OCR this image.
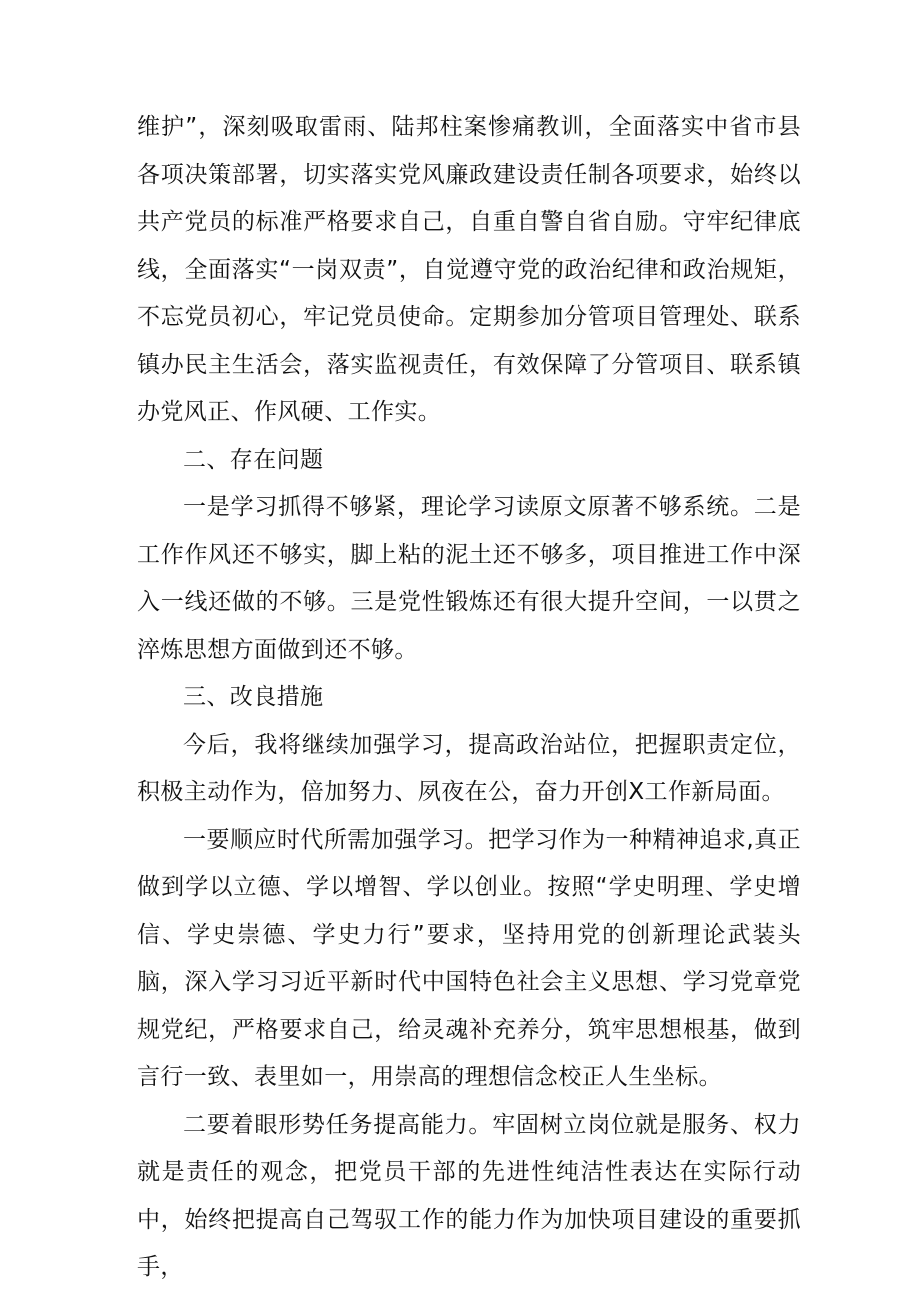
维护”，深刻吸取雷雨、陆邦柱案惨痛教训，全面落实中省市县各项决策部署，切实落实党风廉政建设责任制各项要求，始终以共产党员的标准严格要求自己，自重自警自省自励。守牢纪律底线，全面落实“一岗双责”，自觉遵守党的政治纪律和政治规矩，不忘党员初心，牢记党员使命。定期参加分管项目管理处、联系镇办民主生活会，落实监视责任，有效保障了分管项目、联系镇办党风正、作风硬、工作实。

二、存在问题

一是学习抓得不够紧，理论学习读原文原著不够系统。二是工作作风还不够实，脚上粘的泥土还不够多，项目推进工作中深入一线还做的不够。三是党性锻炼还有很大提升空间，一以贯之淬炼思想方面做到还不够。

三、改良措施

今后，我将继续加强学习，提高政治站位，把握职责定位，积极主动作为，倍加努力、夙夜在公，奋力开创X工作新局面。

一要顺应时代所需加强学习。把学习作为一种精神追求,真正做到学以立德、学以增智、学以创业。按照“学史明理、学史增信、学史崇德、学史力行”要求，坚持用党的创新理论武装头脑，深入学习习近平新时代中国特色社会主义思想、学习党章党规党纪，严格要求自己，给灵魂补充养分，筑牢思想根基，做到言行一致、表里如一，用崇高的理想信念校正人生坐标。

二要着眼形势任务提高能力。牢固树立岗位就是服务、权力就是责任的观念，把党员干部的先进性纯洁性表达在实际行动中，始终把提高自己驾驭工作的能力作为加快项目建设的重要抓手，
